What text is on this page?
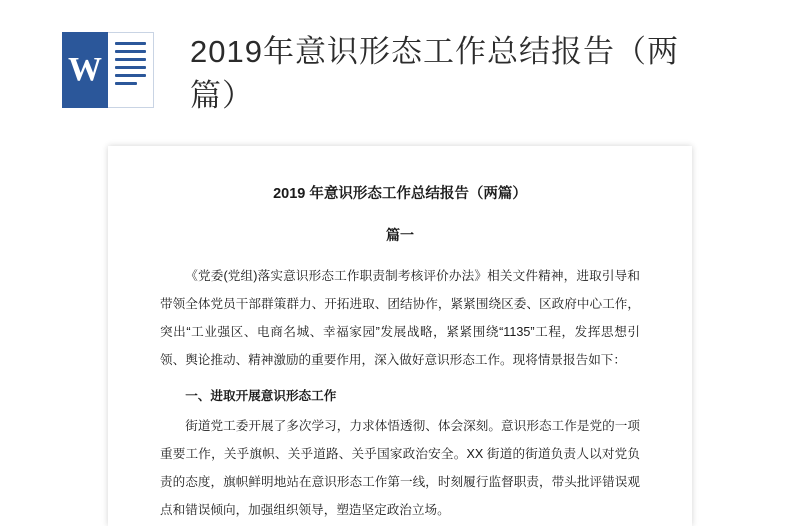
W	2019年意识形态工作总结报告（两篇）
2019 年意识形态工作总结报告（两篇）
篇一

《党委(党组)落实意识形态工作职责制考核评价办法》相关文件精神，进取引导和带领全体党员干部群策群力、开拓进取、团结协作，紧紧围绕区委、区政府中心工作，突出“工业强区、电商名城、幸福家园”发展战略，紧紧围绕“1135”工程，发挥思想引领、舆论推动、精神激励的重要作用，深入做好意识形态工作。现将情景报告如下：

一、进取开展意识形态工作

街道党工委开展了多次学习，力求体悟透彻、体会深刻。意识形态工作是党的一项重要工作，关乎旗帜、关乎道路、关乎国家政治安全。XX 街道的街道负责人以对党负责的态度，旗帜鲜明地站在意识形态工作第一线，时刻履行监督职责，带头批评错误观点和错误倾向，加强组织领导，塑造坚定政治立场。
